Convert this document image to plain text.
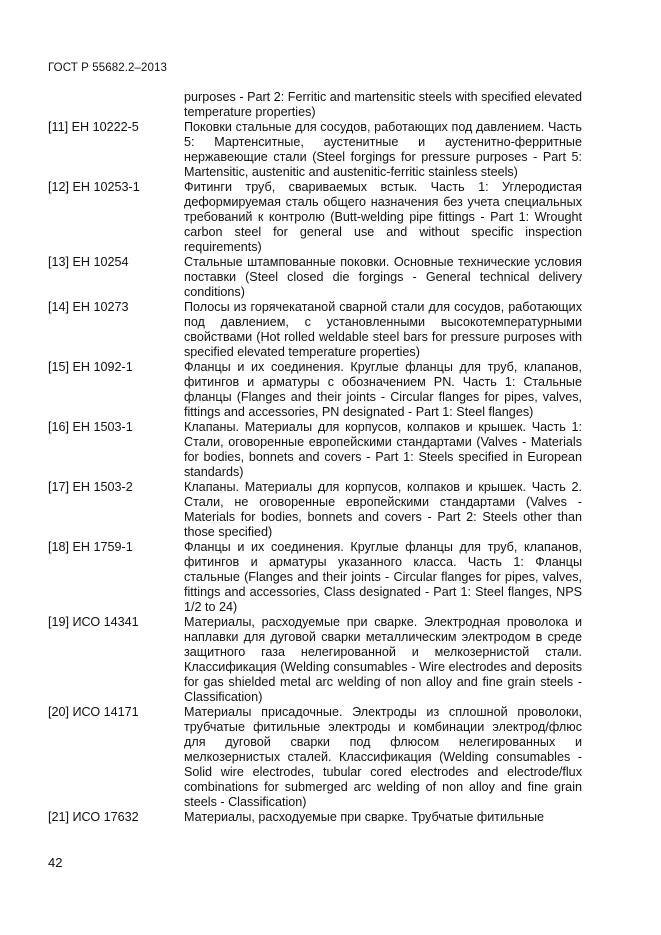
ГОСТ Р 55682.2–2013
purposes - Part 2: Ferritic and martensitic steels with specified elevated temperature properties)
[11] ЕН 10222-5	Поковки стальные для сосудов, работающих под давлением. Часть 5: Мартенситные, аустенитные и аустенитно-ферритные нержавеющие стали (Steel forgings for pressure purposes - Part 5: Martensitic, austenitic and austenitic-ferritic stainless steels)
[12] ЕН 10253-1	Фитинги труб, свариваемых встык. Часть 1: Углеродистая деформируемая сталь общего назначения без учета специальных требований к контролю (Butt-welding pipe fittings - Part 1: Wrought carbon steel for general use and without specific inspection requirements)
[13] ЕН 10254	Стальные штампованные поковки. Основные технические условия поставки (Steel closed die forgings - General technical delivery conditions)
[14] ЕН 10273	Полосы из горячекатаной сварной стали для сосудов, работающих под давлением, с установленными высокотемпературными свойствами (Hot rolled weldable steel bars for pressure purposes with specified elevated temperature properties)
[15] ЕН 1092-1	Фланцы и их соединения. Круглые фланцы для труб, клапанов, фитингов и арматуры с обозначением PN. Часть 1: Стальные фланцы (Flanges and their joints - Circular flanges for pipes, valves, fittings and accessories, PN designated - Part 1: Steel flanges)
[16] ЕН 1503-1	Клапаны. Материалы для корпусов, колпаков и крышек. Часть 1: Стали, оговоренные европейскими стандартами (Valves - Materials for bodies, bonnets and covers - Part 1: Steels specified in European standards)
[17] ЕН 1503-2	Клапаны. Материалы для корпусов, колпаков и крышек. Часть 2. Стали, не оговоренные европейскими стандартами (Valves - Materials for bodies, bonnets and covers - Part 2: Steels other than those specified)
[18] ЕН 1759-1	Фланцы и их соединения. Круглые фланцы для труб, клапанов, фитингов и арматуры указанного класса. Часть 1: Фланцы стальные (Flanges and their joints - Circular flanges for pipes, valves, fittings and accessories, Class designated - Part 1: Steel flanges, NPS 1/2 to 24)
[19] ИСО 14341	Материалы, расходуемые при сварке. Электродная проволока и наплавки для дуговой сварки металлическим электродом в среде защитного газа нелегированной и мелкозернистой стали. Классификация (Welding consumables - Wire electrodes and deposits for gas shielded metal arc welding of non alloy and fine grain steels - Classification)
[20] ИСО 14171	Материалы присадочные. Электроды из сплошной проволоки, трубчатые фитильные электроды и комбинации электрод/флюс для дуговой сварки под флюсом нелегированных и мелкозернистых сталей. Классификация (Welding consumables - Solid wire electrodes, tubular cored electrodes and electrode/flux combinations for submerged arc welding of non alloy and fine grain steels - Classification)
[21] ИСО 17632	Материалы, расходуемые при сварке. Трубчатые фитильные
42
